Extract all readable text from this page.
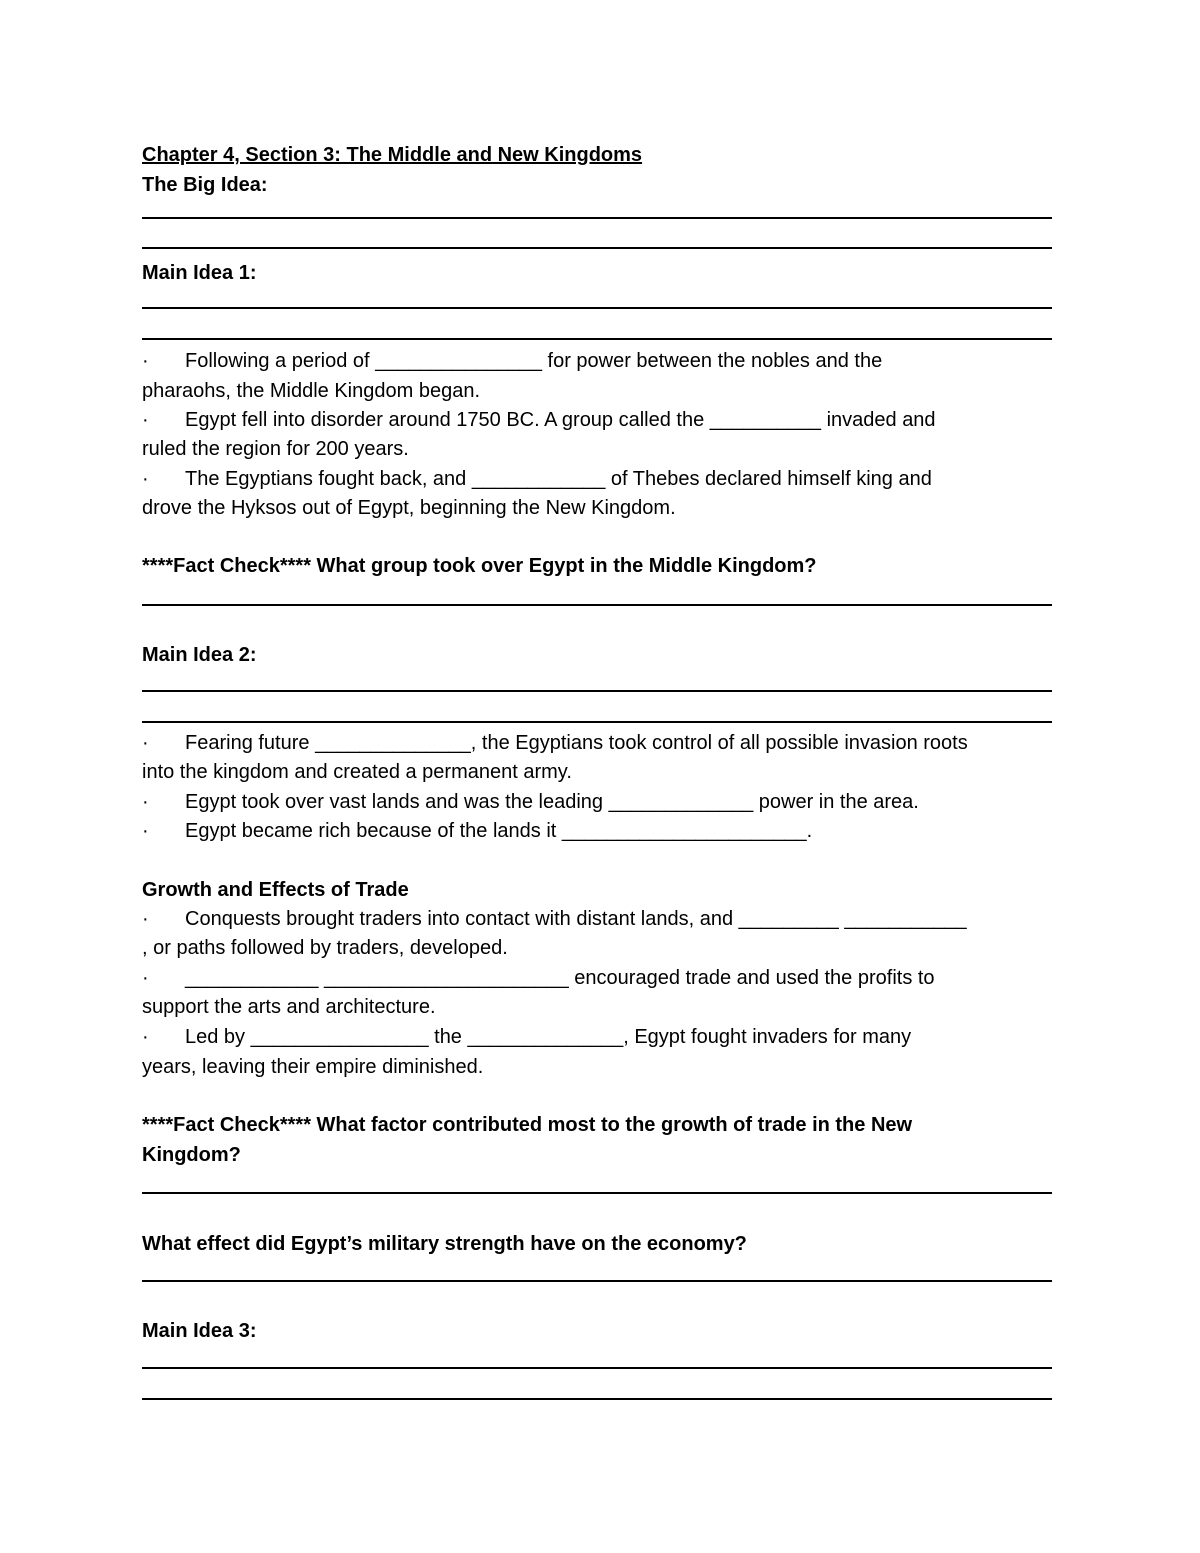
Chapter 4, Section 3: The Middle and New Kingdoms
The Big Idea:
Main Idea 1:
· Following a period of _______________ for power between the nobles and the
pharaohs, the Middle Kingdom began.
· Egypt fell into disorder around 1750 BC. A group called the __________ invaded and
ruled the region for 200 years.
· The Egyptians fought back, and ____________ of Thebes declared himself king and
drove the Hyksos out of Egypt, beginning the New Kingdom.
****Fact Check**** What group took over Egypt in the Middle Kingdom?
Main Idea 2:
· Fearing future ______________, the Egyptians took control of all possible invasion roots
into the kingdom and created a permanent army.
· Egypt took over vast lands and was the leading _____________ power in the area.
· Egypt became rich because of the lands it ______________________.
Growth and Effects of Trade
· Conquests brought traders into contact with distant lands, and _________ ___________
, or paths followed by traders, developed.
· ____________ ______________________ encouraged trade and used the profits to
support the arts and architecture.
· Led by ________________ the ______________, Egypt fought invaders for many
years, leaving their empire diminished.
****Fact Check**** What factor contributed most to the growth of trade in the New
Kingdom?
What effect did Egypt’s military strength have on the economy?
Main Idea 3:
